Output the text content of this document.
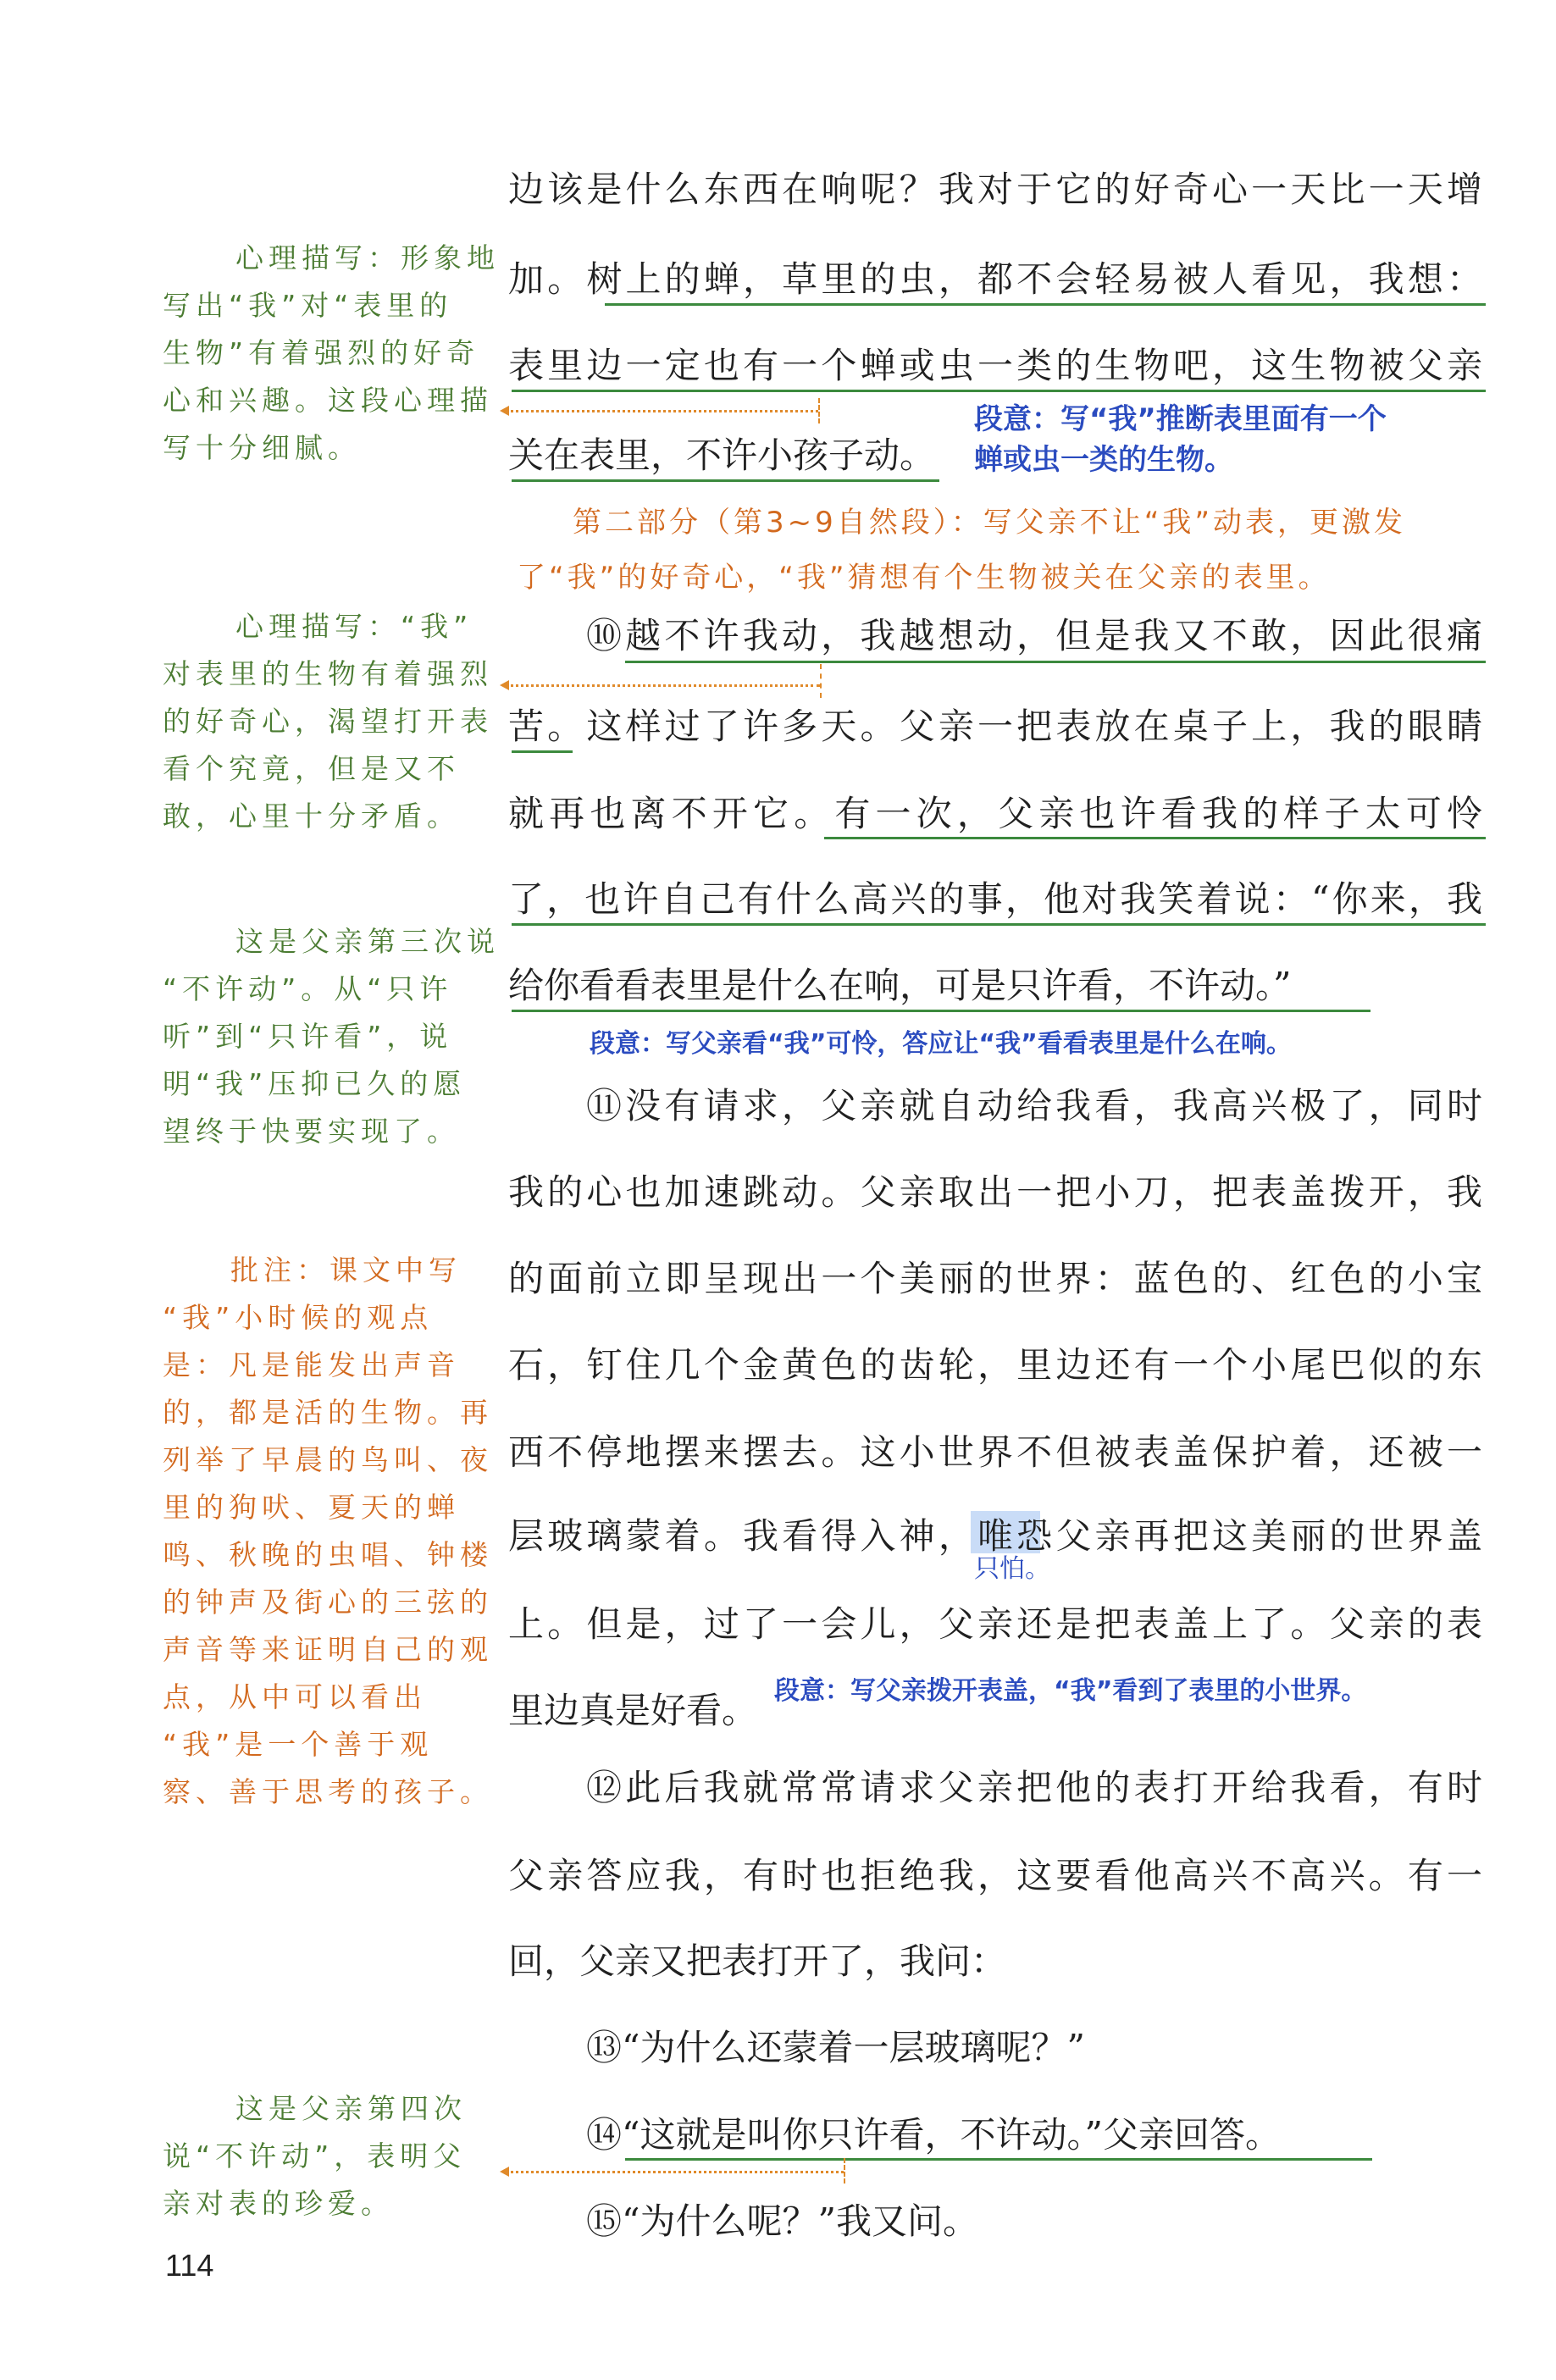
边该是什么东西在响呢？我对于它的好奇心一天比一天增

加。树上的蝉，草里的虫，都不会轻易被人看见，我想：

表里边一定也有一个蝉或虫一类的生物吧，这生物被父亲

关在表里，不许小孩子动。

⑩越不许我动，我越想动，但是我又不敢，因此很痛

苦。这样过了许多天。父亲一把表放在桌子上，我的眼睛

就再也离不开它。有一次，父亲也许看我的样子太可怜

了，也许自己有什么高兴的事，他对我笑着说：“你来，我

给你看看表里是什么在响，可是只许看，不许动。”

⑪没有请求，父亲就自动给我看，我高兴极了，同时

我的心也加速跳动。父亲取出一把小刀，把表盖拨开，我

的面前立即呈现出一个美丽的世界：蓝色的、红色的小宝

石，钉住几个金黄色的齿轮，里边还有一个小尾巴似的东

西不停地摆来摆去。这小世界不但被表盖保护着，还被一

层玻璃蒙着。我看得入神，唯恐父亲再把这美丽的世界盖

上。但是，过了一会儿，父亲还是把表盖上了。父亲的表

里边真是好看。

⑫此后我就常常请求父亲把他的表打开给我看，有时

父亲答应我，有时也拒绝我，这要看他高兴不高兴。有一

回，父亲又把表打开了，我问：

⑬“为什么还蒙着一层玻璃呢？”

⑭“这就是叫你只许看，不许动。”父亲回答。

⑮“为什么呢？”我又问。

心理描写：形象地
写出“我”对“表里的
生物”有着强烈的好奇
心和兴趣。这段心理描
写十分细腻。
心理描写：“我”
对表里的生物有着强烈
的好奇心，渴望打开表
看个究竟，但是又不
敢，心里十分矛盾。
这是父亲第三次说
“不许动”。从“只许
听”到“只许看”，说
明“我”压抑已久的愿
望终于快要实现了。
批注：课文中写
“我”小时候的观点
是：凡是能发出声音
的，都是活的生物。再
列举了早晨的鸟叫、夜
里的狗吠、夏天的蝉
鸣、秋晚的虫唱、钟楼
的钟声及街心的三弦的
声音等来证明自己的观
点，从中可以看出
“我”是一个善于观
察、善于思考的孩子。
这是父亲第四次
说“不许动”，表明父
亲对表的珍爱。

段意：写“我”推断表里面有一个

蝉或虫一类的生物。

段意：写父亲看“我”可怜，答应让“我”看看表里是什么在响。

段意：写父亲拨开表盖，“我”看到了表里的小世界。

只怕。

第二部分（第3~9自然段）：写父亲不让“我”动表，更激发

了“我”的好奇心，“我”猜想有个生物被关在父亲的表里。

114
